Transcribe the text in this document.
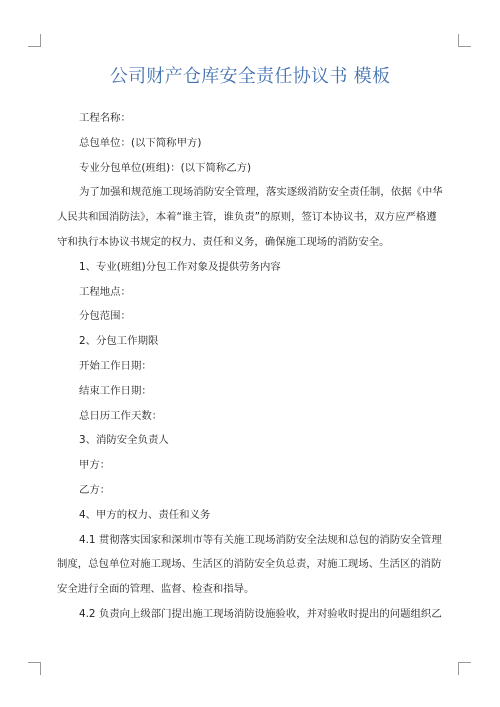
公司财产仓库安全责任协议书 模板

工程名称：

总包单位：(以下简称甲方)

专业分包单位(班组)：(以下简称乙方)

为了加强和规范施工现场消防安全管理，落实逐级消防安全责任制，依据《中华

人民共和国消防法》，本着“谁主管，谁负责”的原则，签订本协议书，双方应严格遵

守和执行本协议书规定的权力、责任和义务，确保施工现场的消防安全。

1、专业(班组)分包工作对象及提供劳务内容

工程地点：

分包范围：

2、分包工作期限

开始工作日期：

结束工作日期：

总日历工作天数：

3、消防安全负责人

甲方：

乙方：

4、甲方的权力、责任和义务

4.1 贯彻落实国家和深圳市等有关施工现场消防安全法规和总包的消防安全管理

制度，总包单位对施工现场、生活区的消防安全负总责，对施工现场、生活区的消防

安全进行全面的管理、监督、检查和指导。

4.2 负责向上级部门提出施工现场消防设施验收，并对验收时提出的问题组织乙
